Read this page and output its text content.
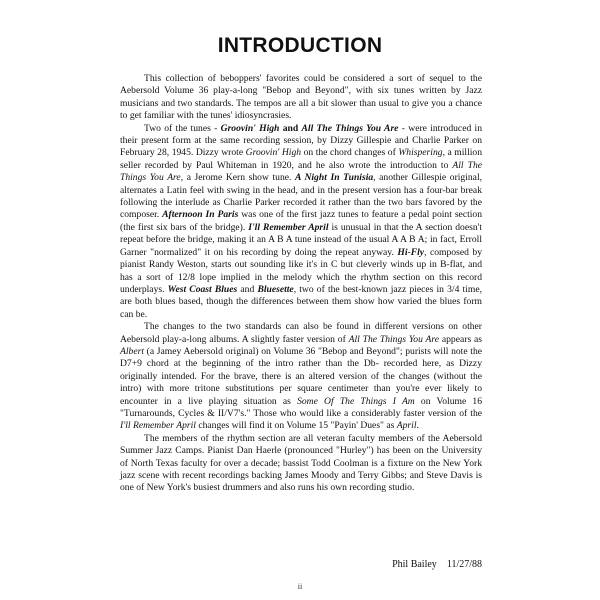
INTRODUCTION

This collection of beboppers' favorites could be considered a sort of sequel to the Aebersold Volume 36 play-a-long "Bebop and Beyond", with six tunes written by Jazz musicians and two standards. The tempos are all a bit slower than usual to give you a chance to get familiar with the tunes' idiosyncrasies.

Two of the tunes - Groovin' High and All The Things You Are - were introduced in their present form at the same recording session, by Dizzy Gillespie and Charlie Parker on February 28, 1945. Dizzy wrote Groovin' High on the chord changes of Whispering, a million seller recorded by Paul Whiteman in 1920, and he also wrote the introduction to All The Things You Are, a Jerome Kern show tune. A Night In Tunisia, another Gillespie original, alternates a Latin feel with swing in the head, and in the present version has a four-bar break following the interlude as Charlie Parker recorded it rather than the two bars favored by the composer. Afternoon In Paris was one of the first jazz tunes to feature a pedal point section (the first six bars of the bridge). I'll Remember April is unusual in that the A section doesn't repeat before the bridge, making it an A B A tune instead of the usual A A B A; in fact, Erroll Garner "normalized" it on his recording by doing the repeat anyway. Hi-Fly, composed by pianist Randy Weston, starts out sounding like it's in C but cleverly winds up in B-flat, and has a sort of 12/8 lope implied in the melody which the rhythm section on this record underplays. West Coast Blues and Bluesette, two of the best-known jazz pieces in 3/4 time, are both blues based, though the differences between them show how varied the blues form can be.

The changes to the two standards can also be found in different versions on other Aebersold play-a-long albums. A slightly faster version of All The Things You Are appears as Albert (a Jamey Aebersold original) on Volume 36 "Bebop and Beyond"; purists will note the D7+9 chord at the beginning of the intro rather than the Db- recorded here, as Dizzy originally intended. For the brave, there is an altered version of the changes (without the intro) with more tritone substitutions per square centimeter than you're ever likely to encounter in a live playing situation as Some Of The Things I Am on Volume 16 "Turnarounds, Cycles & II/V7's." Those who would like a considerably faster version of the I'll Remember April changes will find it on Volume 15 "Payin' Dues" as April.

The members of the rhythm section are all veteran faculty members of the Aebersold Summer Jazz Camps. Pianist Dan Haerle (pronounced "Hurley") has been on the University of North Texas faculty for over a decade; bassist Todd Coolman is a fixture on the New York jazz scene with recent recordings backing James Moody and Terry Gibbs; and Steve Davis is one of New York's busiest drummers and also runs his own recording studio.

Phil Bailey 11/27/88
ii
